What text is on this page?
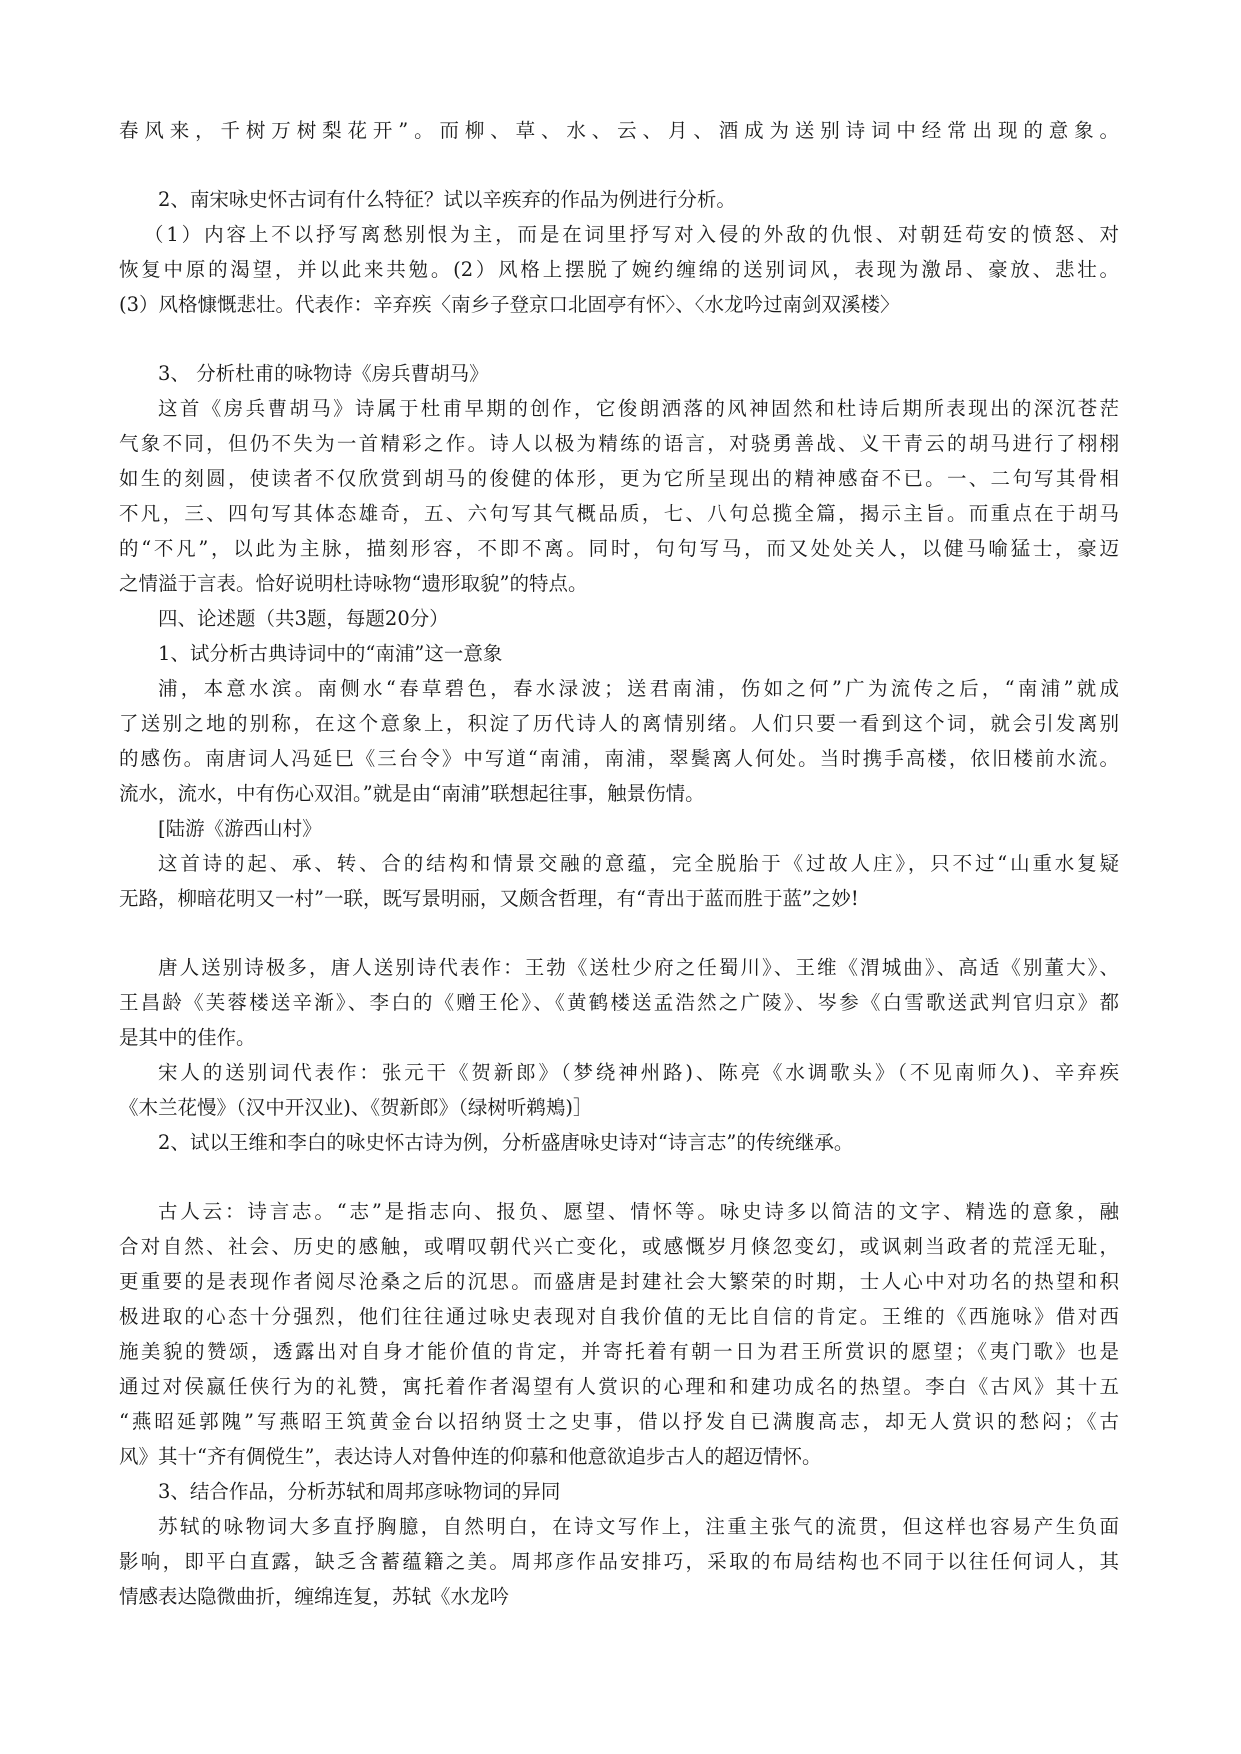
春风来，千树万树梨花开”。而柳、草、水、云、月、酒成为送别诗词中经常出现的意象。
2、南宋咏史怀古词有什么特征？试以辛疾弃的作品为例进行分析。
（1）内容上不以抒写离愁别恨为主，而是在词里抒写对入侵的外敌的仇恨、对朝廷苟安的愤怒、对
恢复中原的渴望，并以此来共勉。(2）风格上摆脱了婉约缠绵的送别词风，表现为激昂、豪放、悲壮。
(3）风格慷慨悲壮。代表作：辛弃疾〈南乡子登京口北固亭有怀〉、〈水龙吟过南剑双溪楼〉
3、 分析杜甫的咏物诗《房兵曹胡马》
这首《房兵曹胡马》诗属于杜甫早期的创作，它俊朗洒落的风神固然和杜诗后期所表现出的深沉苍茫
气象不同，但仍不失为一首精彩之作。诗人以极为精练的语言，对骁勇善战、义干青云的胡马进行了栩栩
如生的刻圆，使读者不仅欣赏到胡马的俊健的体形，更为它所呈现出的精神感奋不已。一、二句写其骨相
不凡，三、四句写其体态雄奇，五、六句写其气概品质，七、八句总揽全篇，揭示主旨。而重点在于胡马
的“不凡”，以此为主脉，描刻形容，不即不离。同时，句句写马，而又处处关人，以健马喻猛士，豪迈
之情溢于言表。恰好说明杜诗咏物“遗形取貌”的特点。
四、论述题（共3题，每题20分）
1、试分析古典诗词中的“南浦”这一意象
浦，本意水滨。南侧水“春草碧色，春水渌波；送君南浦，伤如之何”广为流传之后，“南浦”就成
了送别之地的别称，在这个意象上，积淀了历代诗人的离情别绪。人们只要一看到这个词，就会引发离别
的感伤。南唐词人冯延巳《三台令》中写道“南浦，南浦，翠鬓离人何处。当时携手高楼，依旧楼前水流。
流水，流水，中有伤心双泪。”就是由“南浦”联想起往事，触景伤情。
[陆游《游西山村》
这首诗的起、承、转、合的结构和情景交融的意蕴，完全脱胎于《过故人庄》，只不过“山重水复疑
无路，柳暗花明又一村”一联，既写景明丽，又颇含哲理，有“青出于蓝而胜于蓝”之妙!
唐人送别诗极多，唐人送别诗代表作：王勃《送杜少府之任蜀川》、王维《渭城曲》、高适《别董大》、
王昌龄《芙蓉楼送辛渐》、李白的《赠王伦》、《黄鹤楼送孟浩然之广陵》、岑参《白雪歌送武判官归京》都
是其中的佳作。
宋人的送别词代表作：张元干《贺新郎》（梦绕神州路)、陈亮《水调歌头》（不见南师久)、辛弃疾
《木兰花慢》（汉中开汉业)、《贺新郎》（绿树听鹈鴂)］
2、试以王维和李白的咏史怀古诗为例，分析盛唐咏史诗对“诗言志”的传统继承。
古人云：诗言志。“志”是指志向、报负、愿望、情怀等。咏史诗多以简洁的文字、精选的意象，融
合对自然、社会、历史的感触，或喟叹朝代兴亡变化，或感慨岁月倏忽变幻，或讽刺当政者的荒淫无耻，
更重要的是表现作者阅尽沧桑之后的沉思。而盛唐是封建社会大繁荣的时期，士人心中对功名的热望和积
极进取的心态十分强烈，他们往往通过咏史表现对自我价值的无比自信的肯定。王维的《西施咏》借对西
施美貌的赞颂，透露出对自身才能价值的肯定，并寄托着有朝一日为君王所赏识的愿望；《夷门歌》也是
通过对侯嬴任侠行为的礼赞，寓托着作者渴望有人赏识的心理和和建功成名的热望。李白《古风》其十五
“燕昭延郭隗”写燕昭王筑黄金台以招纳贤士之史事，借以抒发自已满腹高志，却无人赏识的愁闷；《古
风》其十“齐有倜傥生”，表达诗人对鲁仲连的仰慕和他意欲追步古人的超迈情怀。
3、结合作品，分析苏轼和周邦彦咏物词的异同
苏轼的咏物词大多直抒胸臆，自然明白，在诗文写作上，注重主张气的流贯，但这样也容易产生负面
影响，即平白直露，缺乏含蓄蕴籍之美。周邦彦作品安排巧，采取的布局结构也不同于以往任何词人，其
情感表达隐微曲折，缠绵连复，苏轼《水龙吟
